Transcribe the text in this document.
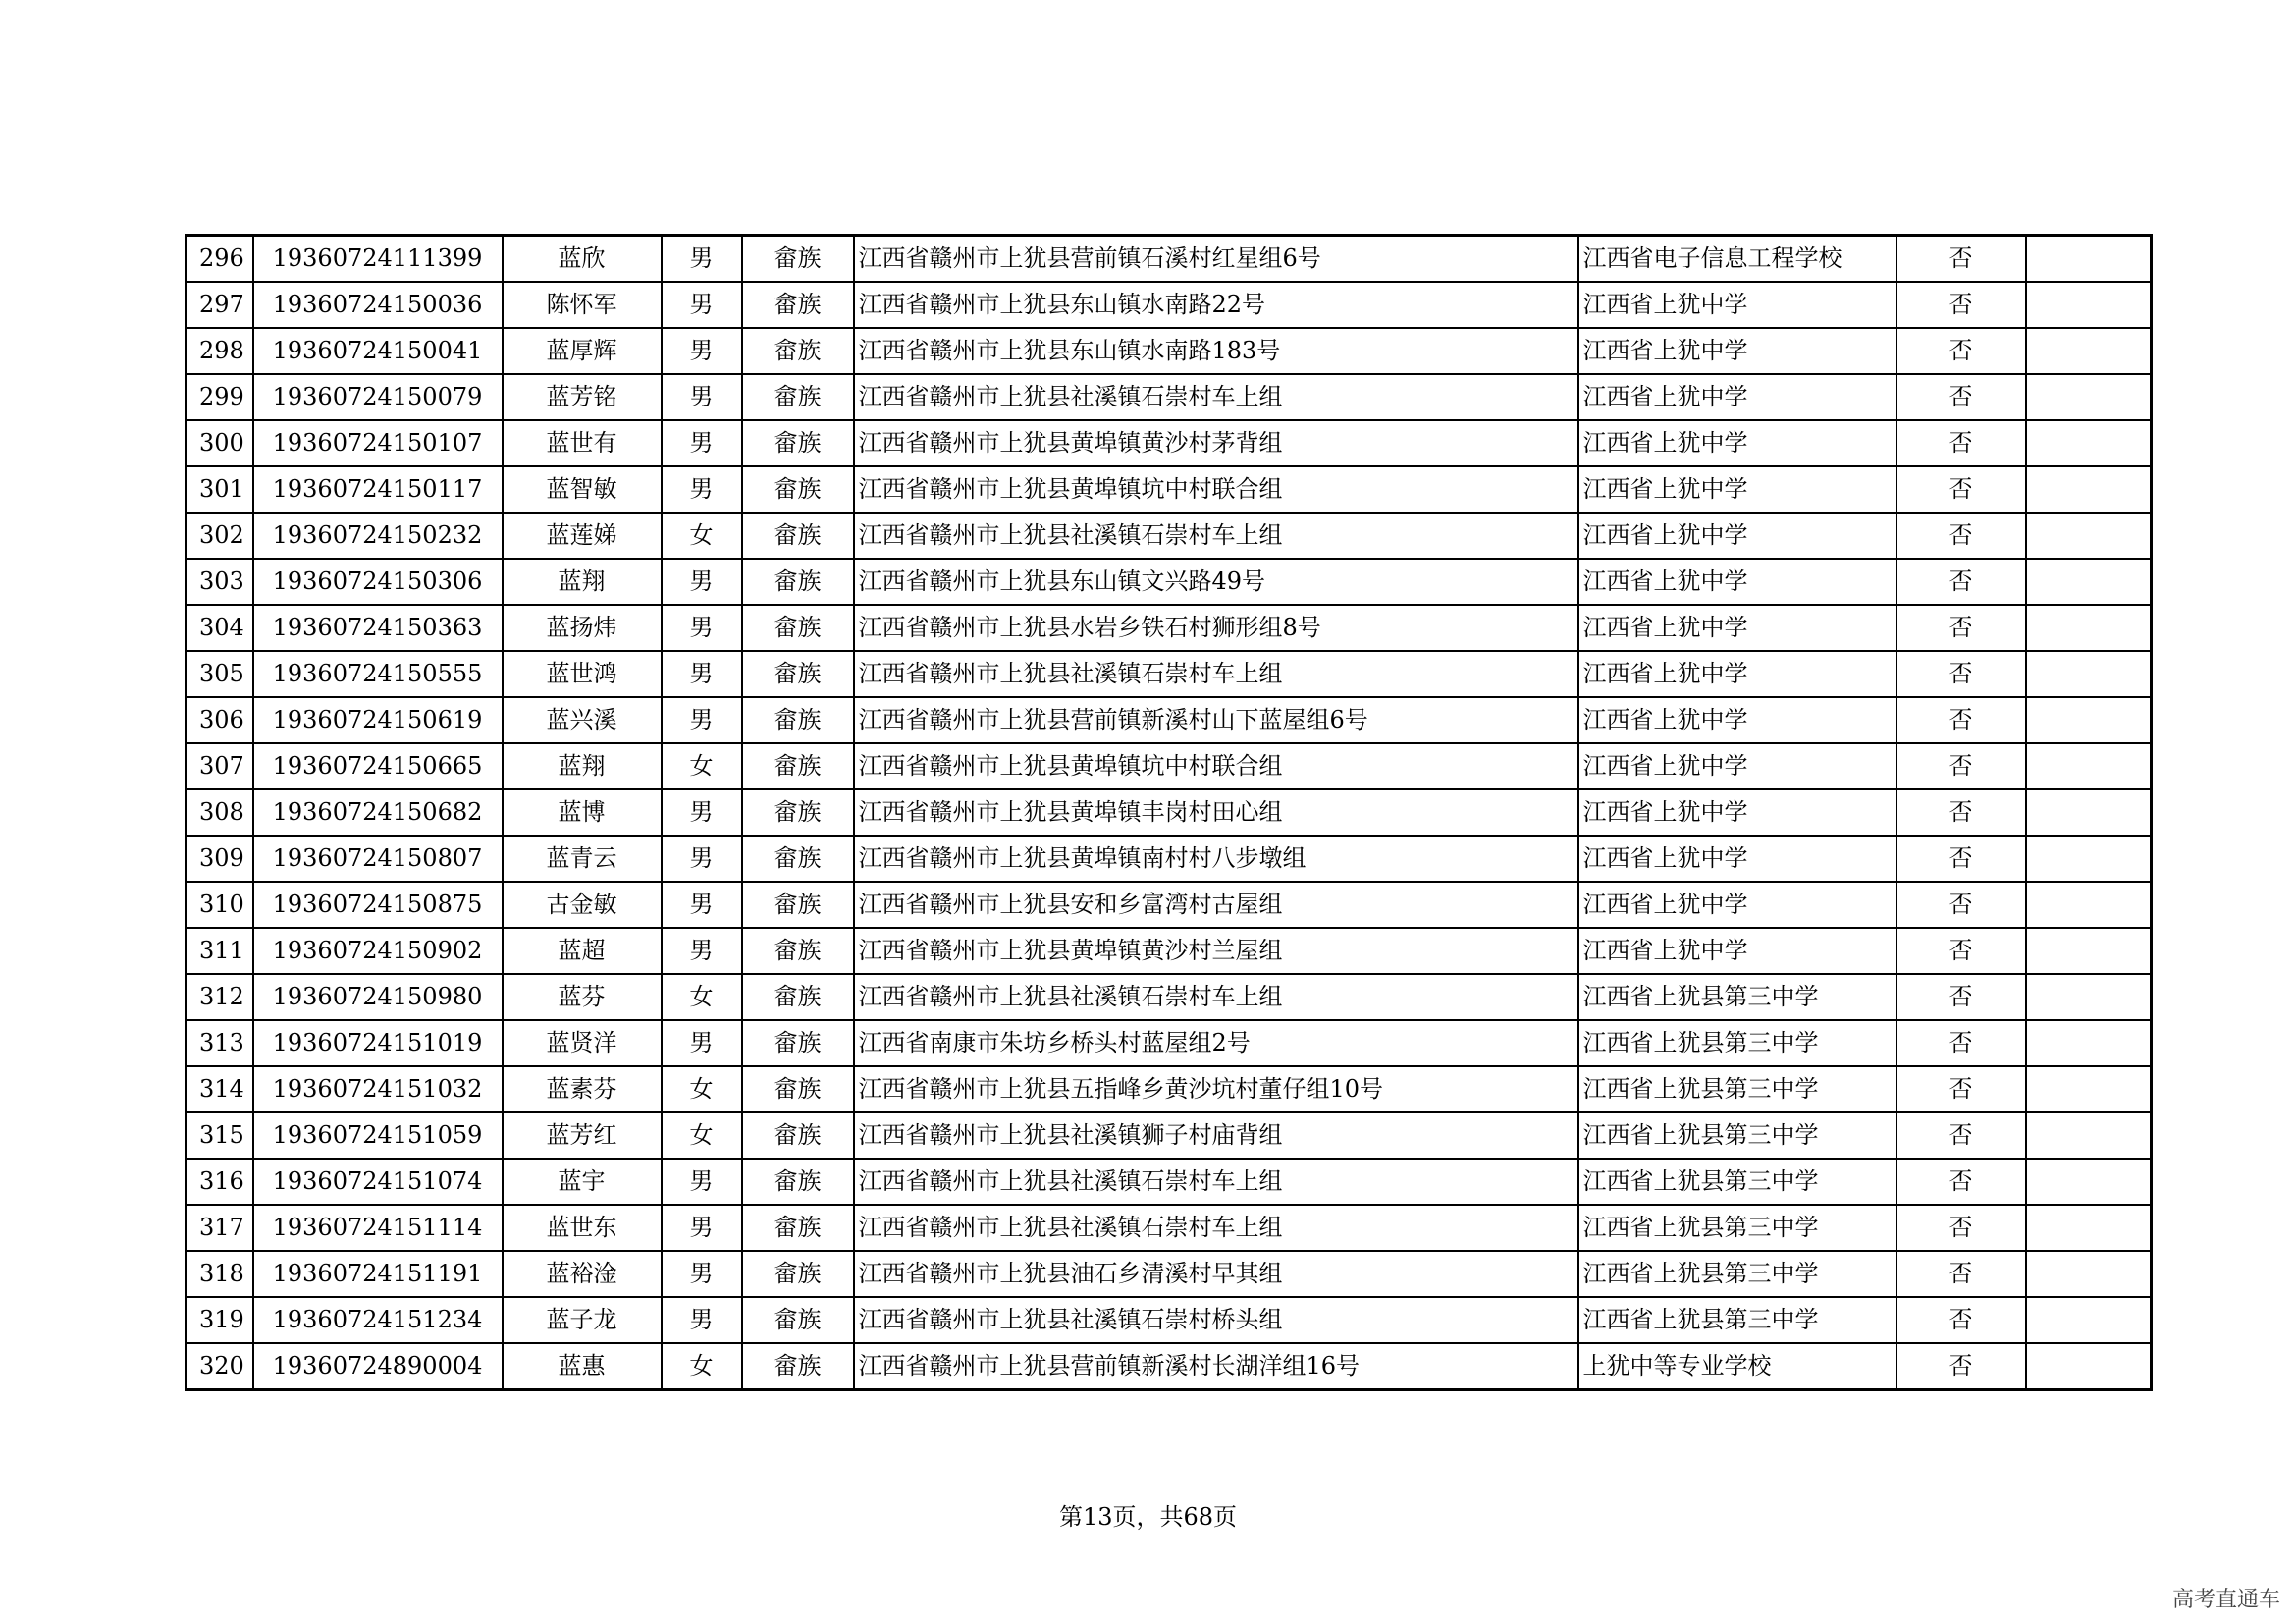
296	19360724111399	蓝欣	男	畲族	江西省赣州市上犹县营前镇石溪村红星组6号	江西省电子信息工程学校	否	
297	19360724150036	陈怀军	男	畲族	江西省赣州市上犹县东山镇水南路22号	江西省上犹中学	否	
298	19360724150041	蓝厚辉	男	畲族	江西省赣州市上犹县东山镇水南路183号	江西省上犹中学	否	
299	19360724150079	蓝芳铭	男	畲族	江西省赣州市上犹县社溪镇石崇村车上组	江西省上犹中学	否	
300	19360724150107	蓝世有	男	畲族	江西省赣州市上犹县黄埠镇黄沙村茅背组	江西省上犹中学	否	
301	19360724150117	蓝智敏	男	畲族	江西省赣州市上犹县黄埠镇坑中村联合组	江西省上犹中学	否	
302	19360724150232	蓝莲娣	女	畲族	江西省赣州市上犹县社溪镇石崇村车上组	江西省上犹中学	否	
303	19360724150306	蓝翔	男	畲族	江西省赣州市上犹县东山镇文兴路49号	江西省上犹中学	否	
304	19360724150363	蓝扬炜	男	畲族	江西省赣州市上犹县水岩乡铁石村狮形组8号	江西省上犹中学	否	
305	19360724150555	蓝世鸿	男	畲族	江西省赣州市上犹县社溪镇石崇村车上组	江西省上犹中学	否	
306	19360724150619	蓝兴溪	男	畲族	江西省赣州市上犹县营前镇新溪村山下蓝屋组6号	江西省上犹中学	否	
307	19360724150665	蓝翔	女	畲族	江西省赣州市上犹县黄埠镇坑中村联合组	江西省上犹中学	否	
308	19360724150682	蓝博	男	畲族	江西省赣州市上犹县黄埠镇丰岗村田心组	江西省上犹中学	否	
309	19360724150807	蓝青云	男	畲族	江西省赣州市上犹县黄埠镇南村村八步墩组	江西省上犹中学	否	
310	19360724150875	古金敏	男	畲族	江西省赣州市上犹县安和乡富湾村古屋组	江西省上犹中学	否	
311	19360724150902	蓝超	男	畲族	江西省赣州市上犹县黄埠镇黄沙村兰屋组	江西省上犹中学	否	
312	19360724150980	蓝芬	女	畲族	江西省赣州市上犹县社溪镇石崇村车上组	江西省上犹县第三中学	否	
313	19360724151019	蓝贤洋	男	畲族	江西省南康市朱坊乡桥头村蓝屋组2号	江西省上犹县第三中学	否	
314	19360724151032	蓝素芬	女	畲族	江西省赣州市上犹县五指峰乡黄沙坑村董仔组10号	江西省上犹县第三中学	否	
315	19360724151059	蓝芳红	女	畲族	江西省赣州市上犹县社溪镇狮子村庙背组	江西省上犹县第三中学	否	
316	19360724151074	蓝宇	男	畲族	江西省赣州市上犹县社溪镇石崇村车上组	江西省上犹县第三中学	否	
317	19360724151114	蓝世东	男	畲族	江西省赣州市上犹县社溪镇石崇村车上组	江西省上犹县第三中学	否	
318	19360724151191	蓝裕淦	男	畲族	江西省赣州市上犹县油石乡清溪村早其组	江西省上犹县第三中学	否	
319	19360724151234	蓝子龙	男	畲族	江西省赣州市上犹县社溪镇石崇村桥头组	江西省上犹县第三中学	否	
320	19360724890004	蓝惠	女	畲族	江西省赣州市上犹县营前镇新溪村长湖洋组16号	上犹中等专业学校	否	
第13页，共68页
高考直通车
